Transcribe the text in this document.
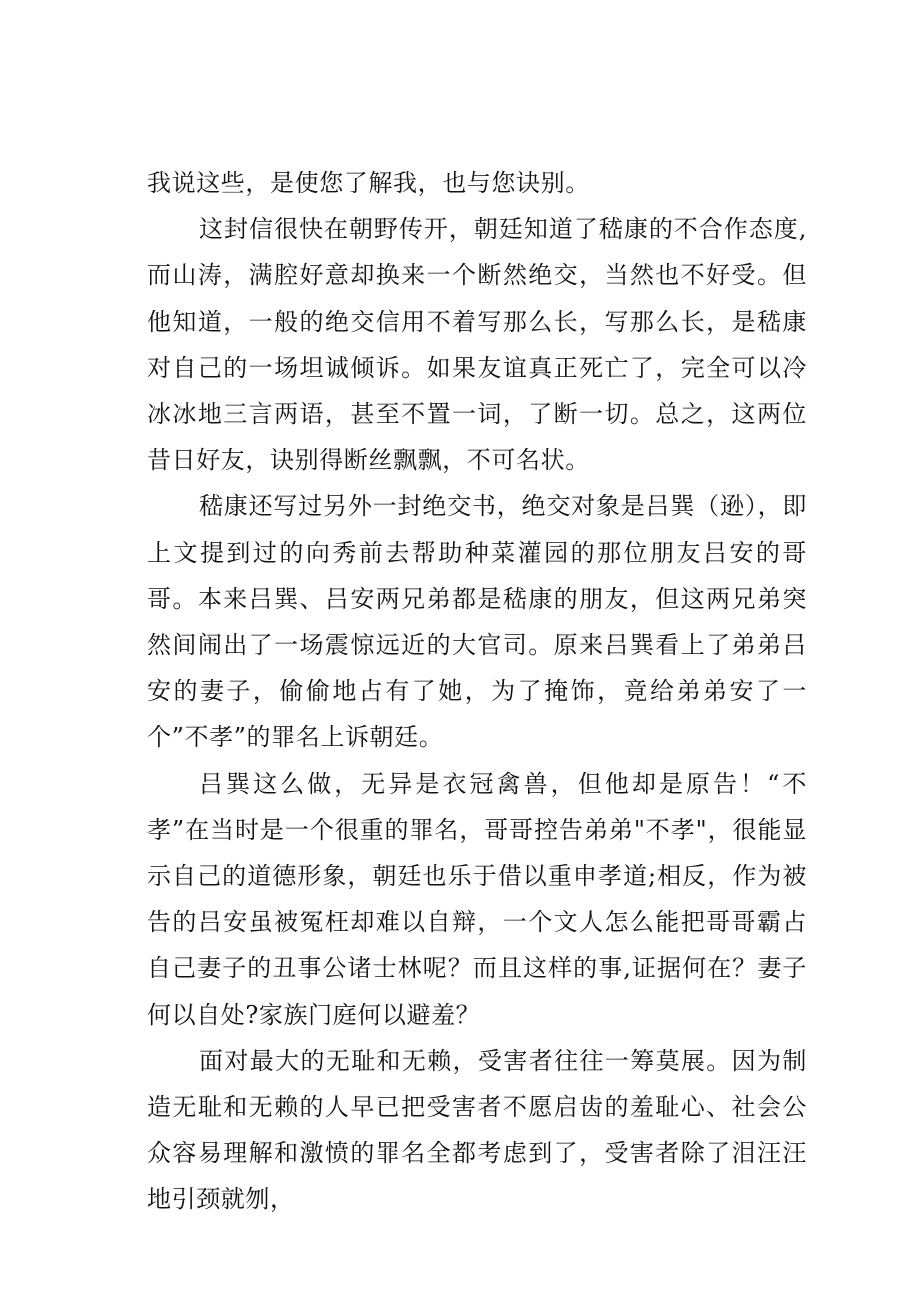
我说这些，是使您了解我，也与您诀别。

这封信很快在朝野传开，朝廷知道了嵇康的不合作态度,而山涛，满腔好意却换来一个断然绝交，当然也不好受。但他知道，一般的绝交信用不着写那么长，写那么长，是嵇康对自己的一场坦诚倾诉。如果友谊真正死亡了，完全可以冷冰冰地三言两语，甚至不置一词，了断一切。总之，这两位昔日好友，诀别得断丝飘飘，不可名状。

嵇康还写过另外一封绝交书，绝交对象是吕巽（逊），即上文提到过的向秀前去帮助种菜灌园的那位朋友吕安的哥哥。本来吕巽、吕安两兄弟都是嵇康的朋友，但这两兄弟突然间闹出了一场震惊远近的大官司。原来吕巽看上了弟弟吕安的妻子，偷偷地占有了她，为了掩饰，竟给弟弟安了一个”不孝”的罪名上诉朝廷。

吕巽这么做，无异是衣冠禽兽，但他却是原告！“不孝”在当时是一个很重的罪名，哥哥控告弟弟"不孝"，很能显示自己的道德形象，朝廷也乐于借以重申孝道;相反，作为被告的吕安虽被冤枉却难以自辩，一个文人怎么能把哥哥霸占自己妻子的丑事公诸士林呢？而且这样的事,证据何在？妻子何以自处?家族门庭何以避羞？

面对最大的无耻和无赖，受害者往往一筹莫展。因为制造无耻和无赖的人早已把受害者不愿启齿的羞耻心、社会公众容易理解和激愤的罪名全都考虑到了，受害者除了泪汪汪地引颈就刎，
